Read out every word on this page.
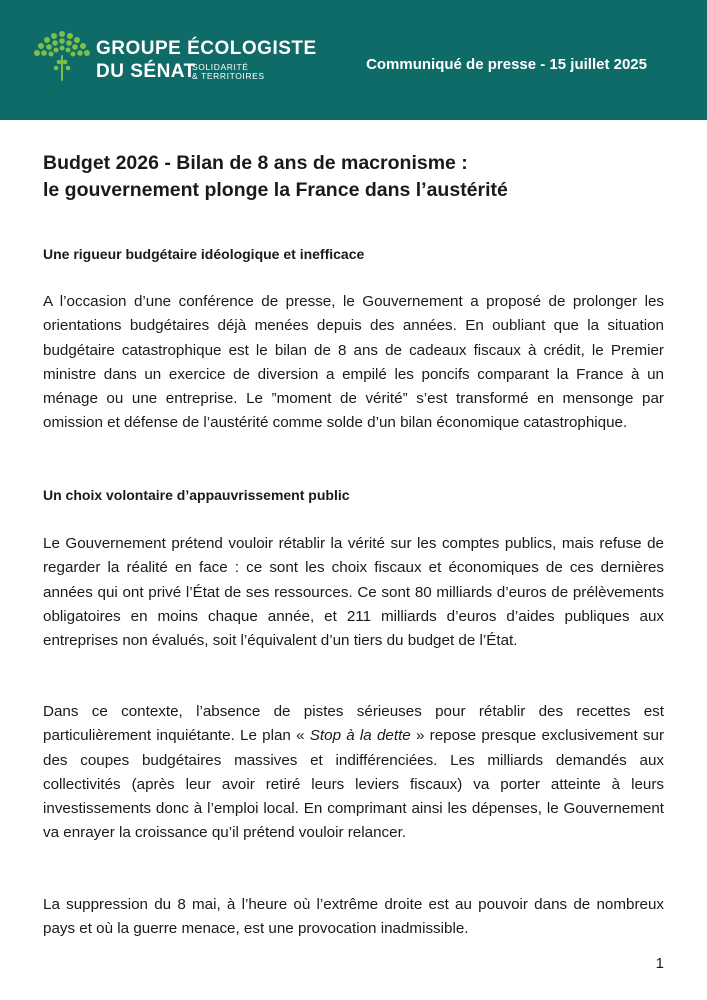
GROUPE ÉCOLOGISTE
DU SÉNAT
SOLIDARITÉ
& TERRITOIRES
Communiqué de presse - 15 juillet 2025
Budget 2026 - Bilan de 8 ans de macronisme :
le gouvernement plonge la France dans l’austérité
Une rigueur budgétaire idéologique et inefficace

A l’occasion d’une conférence de presse, le Gouvernement a proposé de prolonger les orientations budgétaires déjà menées depuis des années. En oubliant que la situation budgétaire catastrophique est le bilan de 8 ans de cadeaux fiscaux à crédit, le Premier ministre dans un exercice de diversion a empilé les poncifs comparant la France à un ménage ou une entreprise. Le ”moment de vérité” s’est transformé en mensonge par omission et défense de l’austérité comme solde d’un bilan économique catastrophique.

Un choix volontaire d’appauvrissement public

Le Gouvernement prétend vouloir rétablir la vérité sur les comptes publics, mais refuse de regarder la réalité en face : ce sont les choix fiscaux et économiques de ces dernières années qui ont privé l’État de ses ressources. Ce sont 80 milliards d’euros de prélèvements obligatoires en moins chaque année, et 211 milliards d’euros d’aides publiques aux entreprises non évalués, soit l’équivalent d’un tiers du budget de l’État.

Dans ce contexte, l’absence de pistes sérieuses pour rétablir des recettes est particulièrement inquiétante. Le plan « Stop à la dette » repose presque exclusivement sur des coupes budgétaires massives et indifférenciées. Les milliards demandés aux collectivités (après leur avoir retiré leurs leviers fiscaux) va porter atteinte à leurs investissements donc à l’emploi local. En comprimant ainsi les dépenses, le Gouvernement va enrayer la croissance qu’il prétend vouloir relancer.

La suppression du 8 mai, à l’heure où l’extrême droite est au pouvoir dans de nombreux pays et où la guerre menace, est une provocation inadmissible.

1
